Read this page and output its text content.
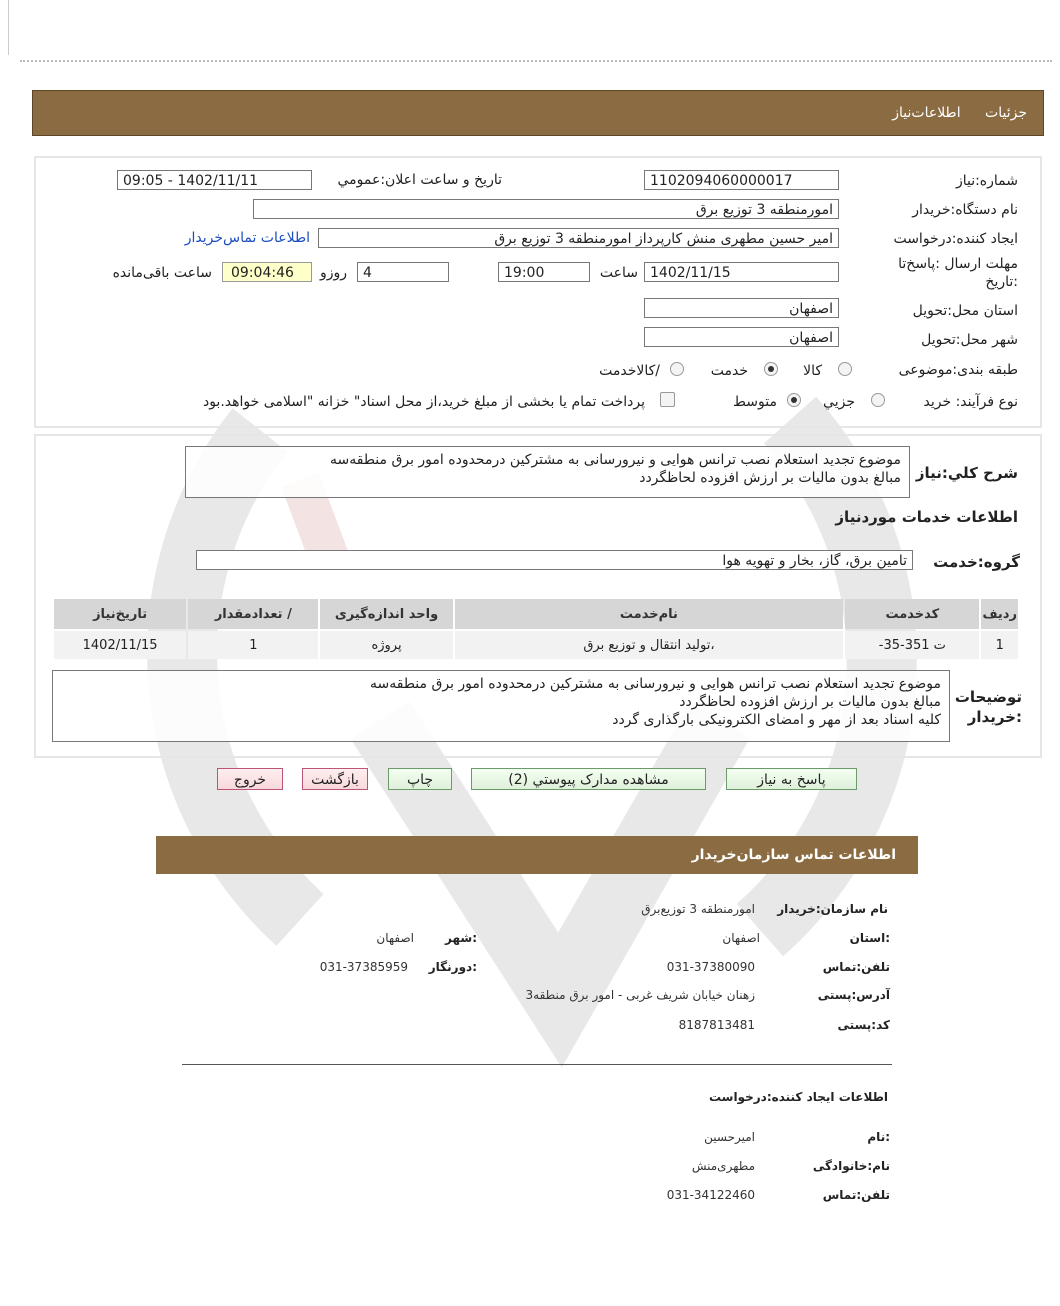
جزئیات اطلاعات‌نیاز
شماره:نیاز
1102094060000017
تاریخ و ساعت اعلان:عمومي
1402/11/11 - 09:05
نام دستگاه:خریدار
امورمنطقه 3 توزیع برق
ایجاد کننده:درخواست
امیر حسین مطهری منش کارپرداز امورمنطقه 3 توزیع برق
اطلاعات تماس‌خریدار
مهلت ارسال :پاسخ‌تا
:تاریخ
1402/11/15
ساعت
19:00
4
روزو
09:04:46
ساعت باقی‌مانده
استان محل:تحویل
اصفهان
شهر محل:تحویل
اصفهان
طبقه بندی:موضوعی
کالا
خدمت
/کالاخدمت
نوع فرآیند: خرید
جزیي
متوسط
پرداخت تمام یا بخشی از مبلغ خرید،از محل اسناد" خزانه "اسلامی خواهد.بود
شرح کلي:نیاز
موضوع تجدید استعلام نصب ترانس هوایی و نیرورسانی به مشترکین درمحدوده امور برق منطقه‌سه
مبالغ بدون مالیات بر ارزش افزوده لحاظگردد
اطلاعات خدمات موردنیاز
گروه:خدمت
تامین برق، گاز، بخار و تهویه هوا
ردیف	کدخدمت	نام‌خدمت	واحد اندازه‌گیری	/ تعدادمقدار	تاریخ‌نیاز
1	ت 351-35-	،تولید انتقال و توزیع برق	پروژه	1	1402/11/15
توضیحات
:خریدار
موضوع تجدید استعلام نصب ترانس هوایی و نیرورسانی به مشترکین درمحدوده امور برق منطقه‌سه
مبالغ بدون مالیات بر ارزش افزوده لحاظگردد
کلیه اسناد بعد از مهر و امضای الکترونیکی بارگذاری گردد
پاسخ به نیاز
مشاهده مدارک پیوستي (2)
چاپ
بازگشت
خروج
اطلاعات تماس سازمان‌خریدار
نام سازمان:خریدار
امورمنطقه 3 توزیع‌برق
:استان
اصفهان
:شهر
اصفهان
تلفن:تماس
031-37380090
:دورنگار
031-37385959
آدرس:پستی
زهنان خیابان شریف غربی - امور برق منطقه3
کد:پستی
8187813481
اطلاعات ایجاد کننده:درخواست
:نام
امیرحسین
نام:خانوادگی
مطهری‌منش
تلفن:تماس
031-34122460
